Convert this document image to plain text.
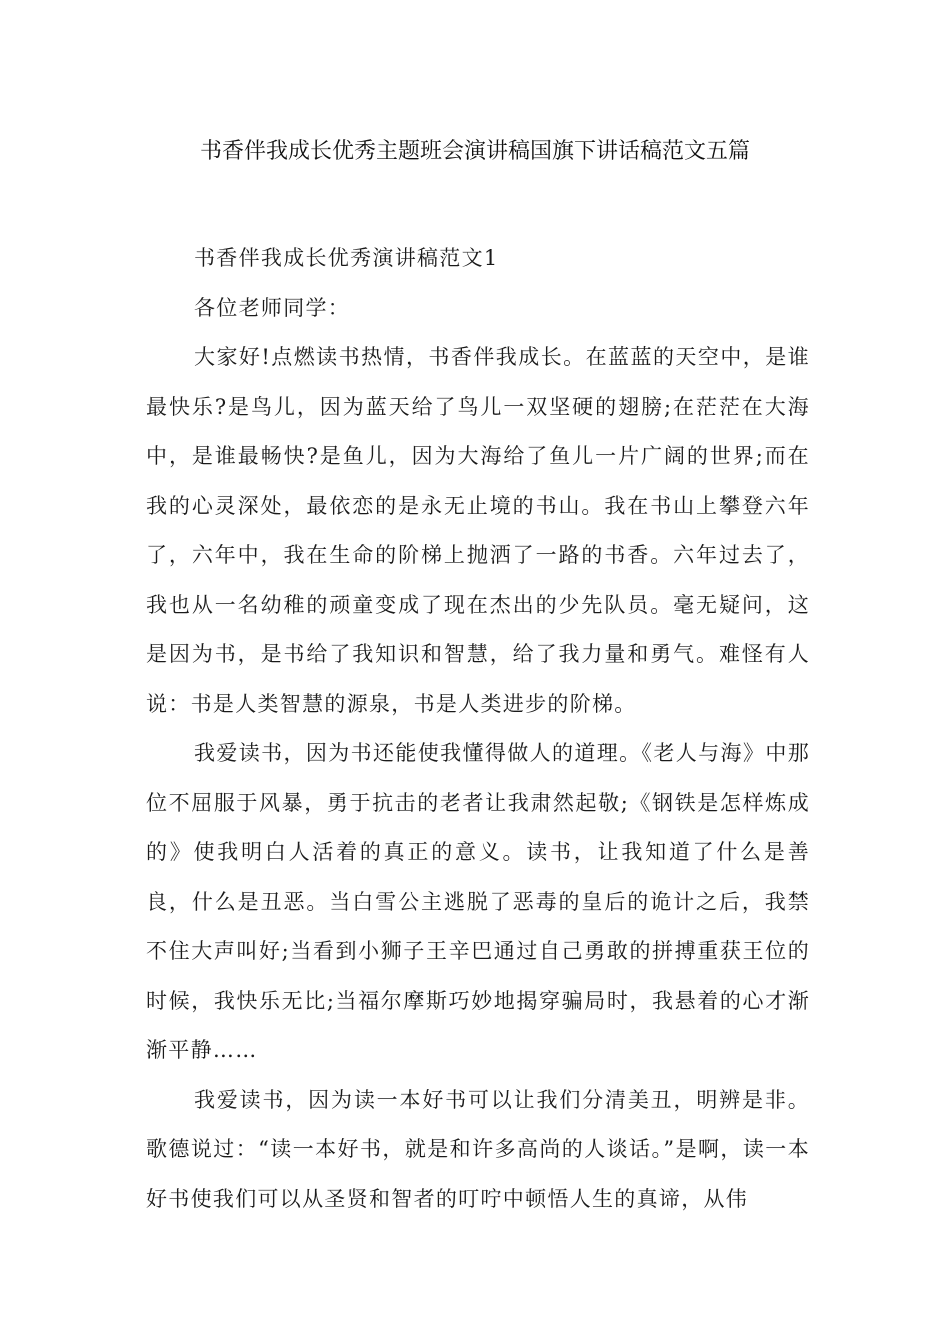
书香伴我成长优秀主题班会演讲稿国旗下讲话稿范文五篇

书香伴我成长优秀演讲稿范文1

各位老师同学：

大家好!点燃读书热情，书香伴我成长。在蓝蓝的天空中，是谁最快乐?是鸟儿，因为蓝天给了鸟儿一双坚硬的翅膀;在茫茫在大海中，是谁最畅快?是鱼儿，因为大海给了鱼儿一片广阔的世界;而在我的心灵深处，最依恋的是永无止境的书山。我在书山上攀登六年了，六年中，我在生命的阶梯上抛洒了一路的书香。六年过去了，我也从一名幼稚的顽童变成了现在杰出的少先队员。毫无疑问，这是因为书，是书给了我知识和智慧，给了我力量和勇气。难怪有人说：书是人类智慧的源泉，书是人类进步的阶梯。

我爱读书，因为书还能使我懂得做人的道理。《老人与海》中那位不屈服于风暴，勇于抗击的老者让我肃然起敬;《钢铁是怎样炼成的》使我明白人活着的真正的意义。读书，让我知道了什么是善良，什么是丑恶。当白雪公主逃脱了恶毒的皇后的诡计之后，我禁不住大声叫好;当看到小狮子王辛巴通过自己勇敢的拼搏重获王位的时候，我快乐无比;当福尔摩斯巧妙地揭穿骗局时，我悬着的心才渐渐平静……

我爱读书，因为读一本好书可以让我们分清美丑，明辨是非。歌德说过：“读一本好书，就是和许多高尚的人谈话。”是啊，读一本好书使我们可以从圣贤和智者的叮咛中顿悟人生的真谛，从伟
